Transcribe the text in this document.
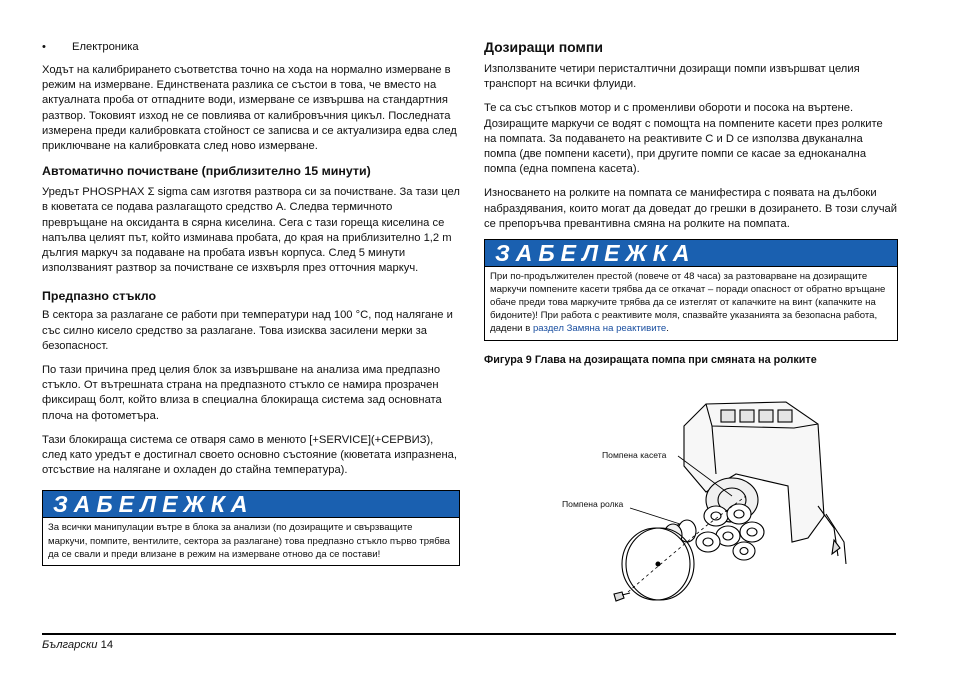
•	Електроника

Ходът на калибрирането съответства точно на хода на нормално измерване в режим на измерване. Единствената разлика се състои в това, че вместо на актуалната проба от отпадните води, измерване се извършва на стандартния разтвор. Токовият изход не се повлиява от калибровъчния цикъл. Последната измерена преди калибровката стойност се записва и се актуализира едва след приключване на калибровката след ново измерване.

Автоматично почистване (приблизително 15 минути)

Уредът PHOSPHAX Σ sigma сам изготвя разтвора си за почистване. За тази цел в кюветата се подава разлагащото средство A. Следва термичното превръщане на оксиданта в сярна киселина. Сега с тази гореща киселина се напълва целият път, който изминава пробата, до края на приблизително 1,2 m дългия маркуч за подаване на пробата извън корпуса. След 5 минути използваният разтвор за почистване се изхвърля през отточния маркуч.

Предпазно стъкло

В сектора за разлагане се работи при температури над 100 °C, под налягане и със силно кисело средство за разлагане. Това изисква засилени мерки за безопасност.

По тази причина пред целия блок за извършване на анализа има предпазно стъкло. От вътрешната страна на предпазното стъкло се намира прозрачен фиксиращ болт, който влиза в специална блокираща система зад основната плоча на фотометъра.

Тази блокираща система се отваря само в менюто [+SERVICE](+СЕРВИЗ), след като уредът е достигнал своето основно състояние (кюветата изпразнена, отсъствие на налягане и охладен до стайна температура).

ЗАБЕЛЕЖКА
За всички манипулации вътре в блока за анализи (по дозиращите и свързващите маркучи, помпите, вентилите, сектора за разлагане) това предпазно стъкло първо трябва да се свали и преди влизане в режим на измерване отново да се постави!
Дозиращи помпи

Използваните четири перисталтични дозиращи помпи извършват целия транспорт на всички флуиди.

Те са със стъпков мотор и с променливи обороти и посока на въртене. Дозиращите маркучи се водят с помощта на помпените касети през ролките на помпата. За подаването на реактивите C и D се използва двуканална помпа (две помпени касети), при другите помпи се касае за едноканална помпа (една помпена касета).

Износването на ролките на помпата се манифестира с появата на дълбоки набраздявания, които могат да доведат до грешки в дозирането. В този случай се препоръчва превантивна смяна на ролките на помпата.

ЗАБЕЛЕЖКА
При по-продължителен престой (повече от 48 часа) за разтоварване на дозиращите маркучи помпените касети трябва да се откачат – поради опасност от обратно връщане обаче преди това маркучите трябва да се изтеглят от капачките на винт (капачките на бидоните)! При работа с реактивите моля, спазвайте указанията за безопасна работа, дадени в раздел Замяна на реактивите.
Фигура 9 Глава на дозиращата помпа при смяната на ролките
Помпена касета
Помпена ролка
Български 14
